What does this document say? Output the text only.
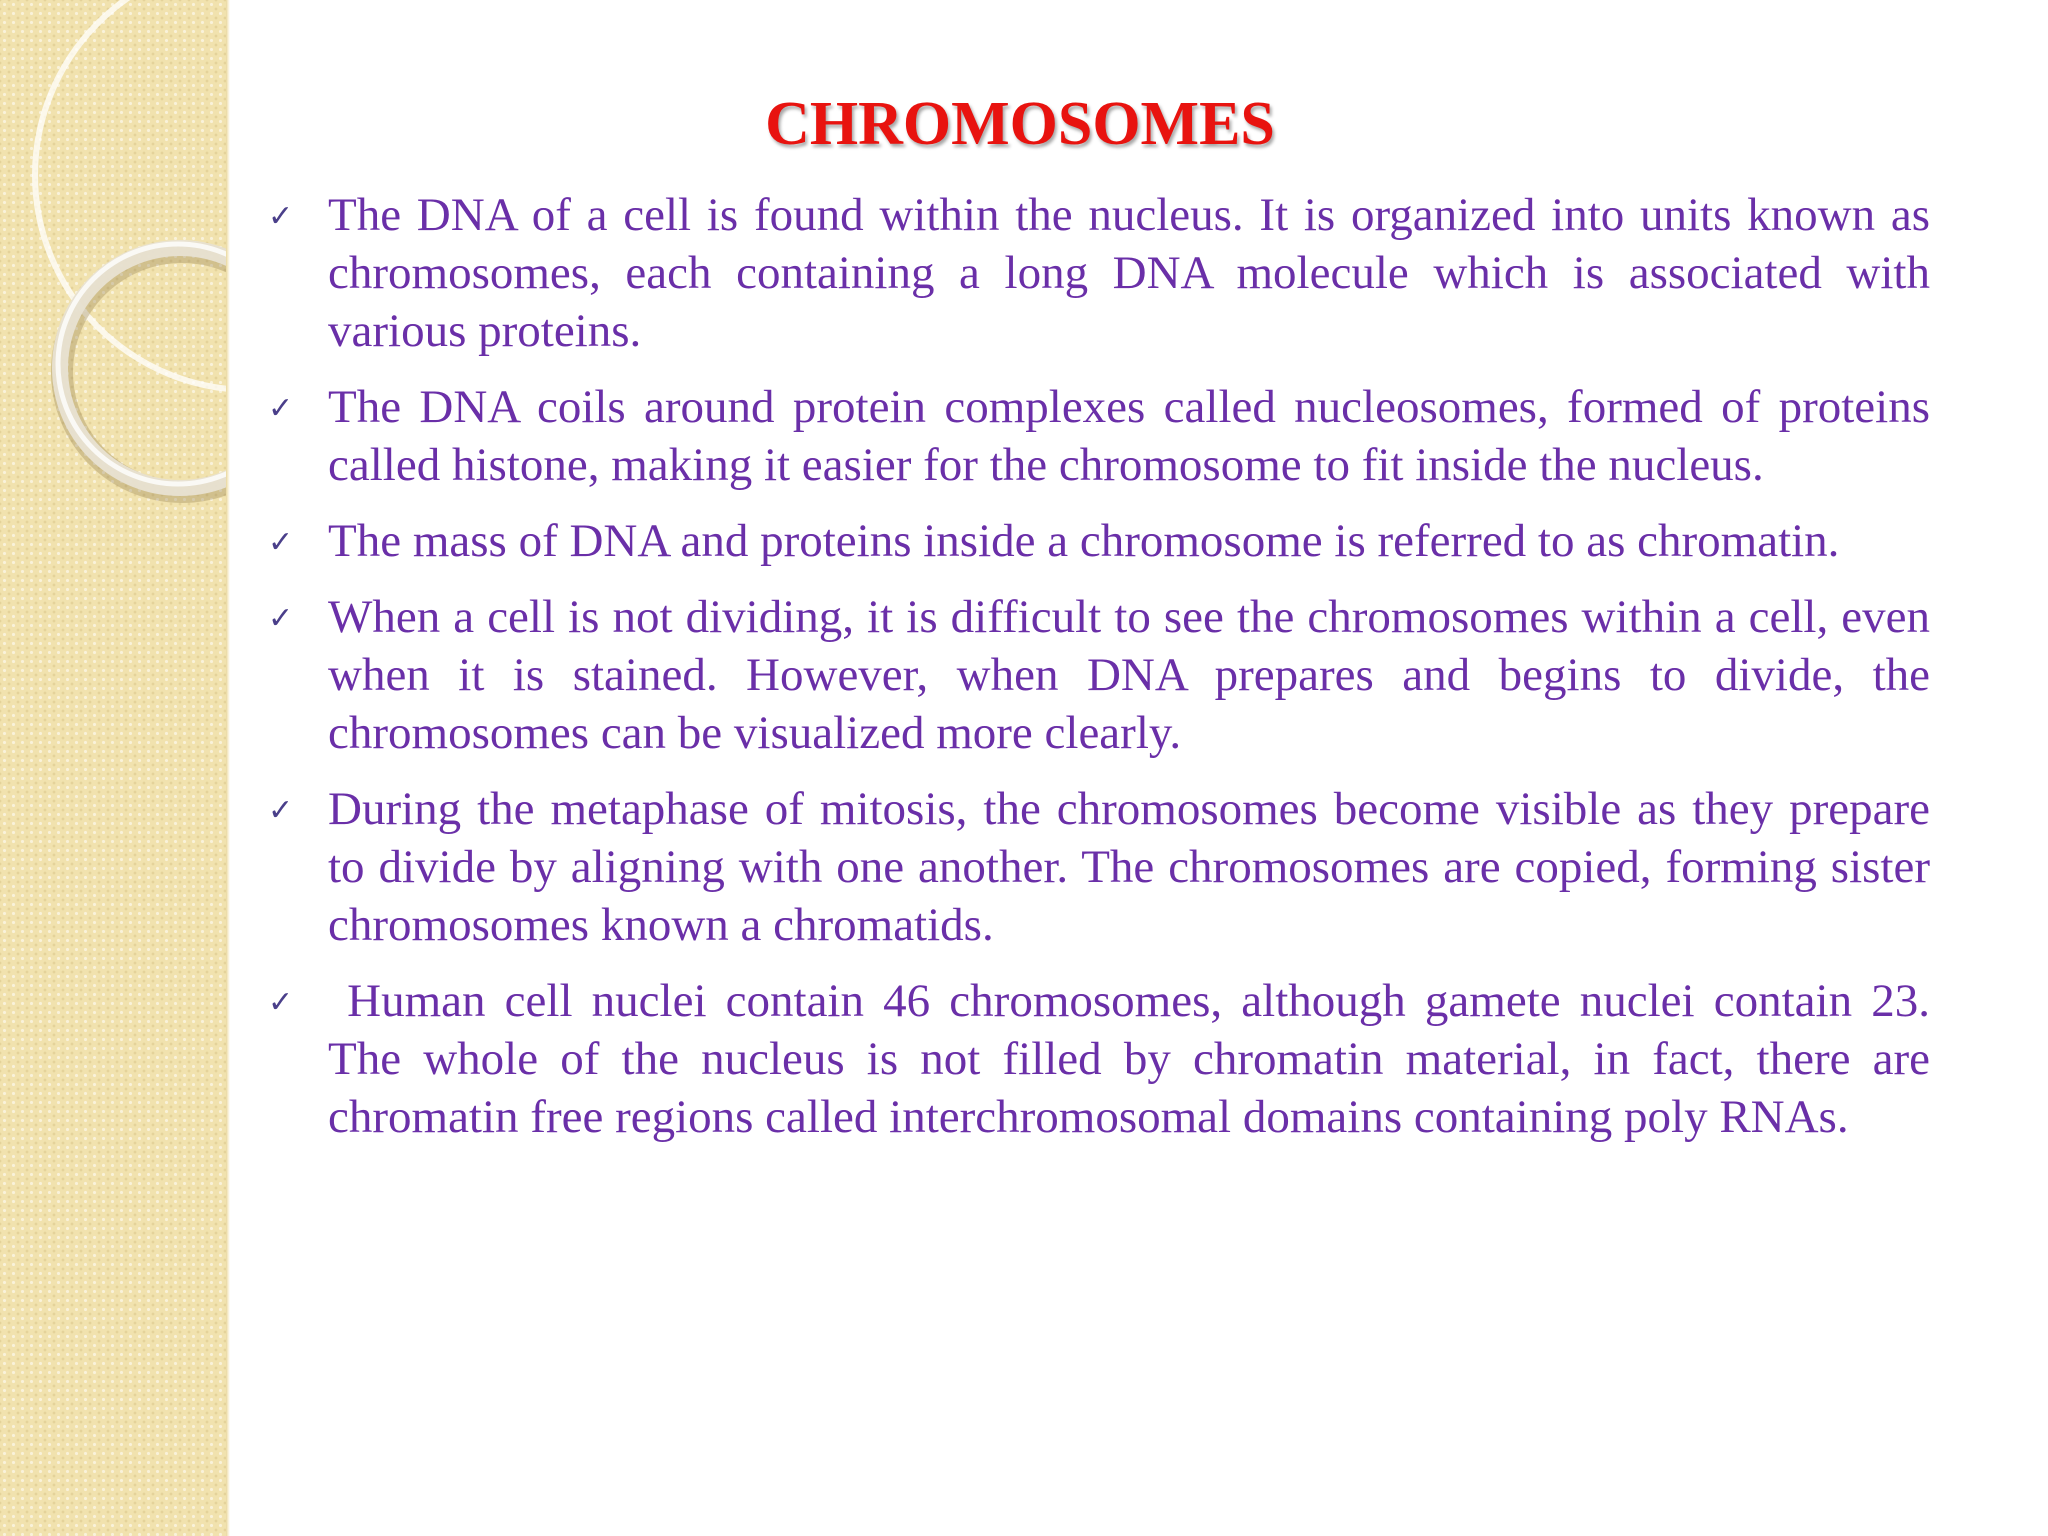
CHROMOSOMES
✓ The DNA of a cell is found within the nucleus. It is organized into units known as chromosomes, each containing a long DNA molecule which is associated with various proteins.
✓ The DNA coils around protein complexes called nucleosomes, formed of proteins called histone, making it easier for the chromosome to fit inside the nucleus.
✓ The mass of DNA and proteins inside a chromosome is referred to as chromatin.
✓ When a cell is not dividing, it is difficult to see the chromosomes within a cell, even when it is stained. However, when DNA prepares and begins to divide, the chromosomes can be visualized more clearly.
✓ During the metaphase of mitosis, the chromosomes become visible as they prepare to divide by aligning with one another. The chromosomes are copied, forming sister chromosomes known a chromatids.
✓ Human cell nuclei contain 46 chromosomes, although gamete nuclei contain 23. The whole of the nucleus is not filled by chromatin material, in fact, there are  chromatin free regions called interchromosomal domains containing poly RNAs.
